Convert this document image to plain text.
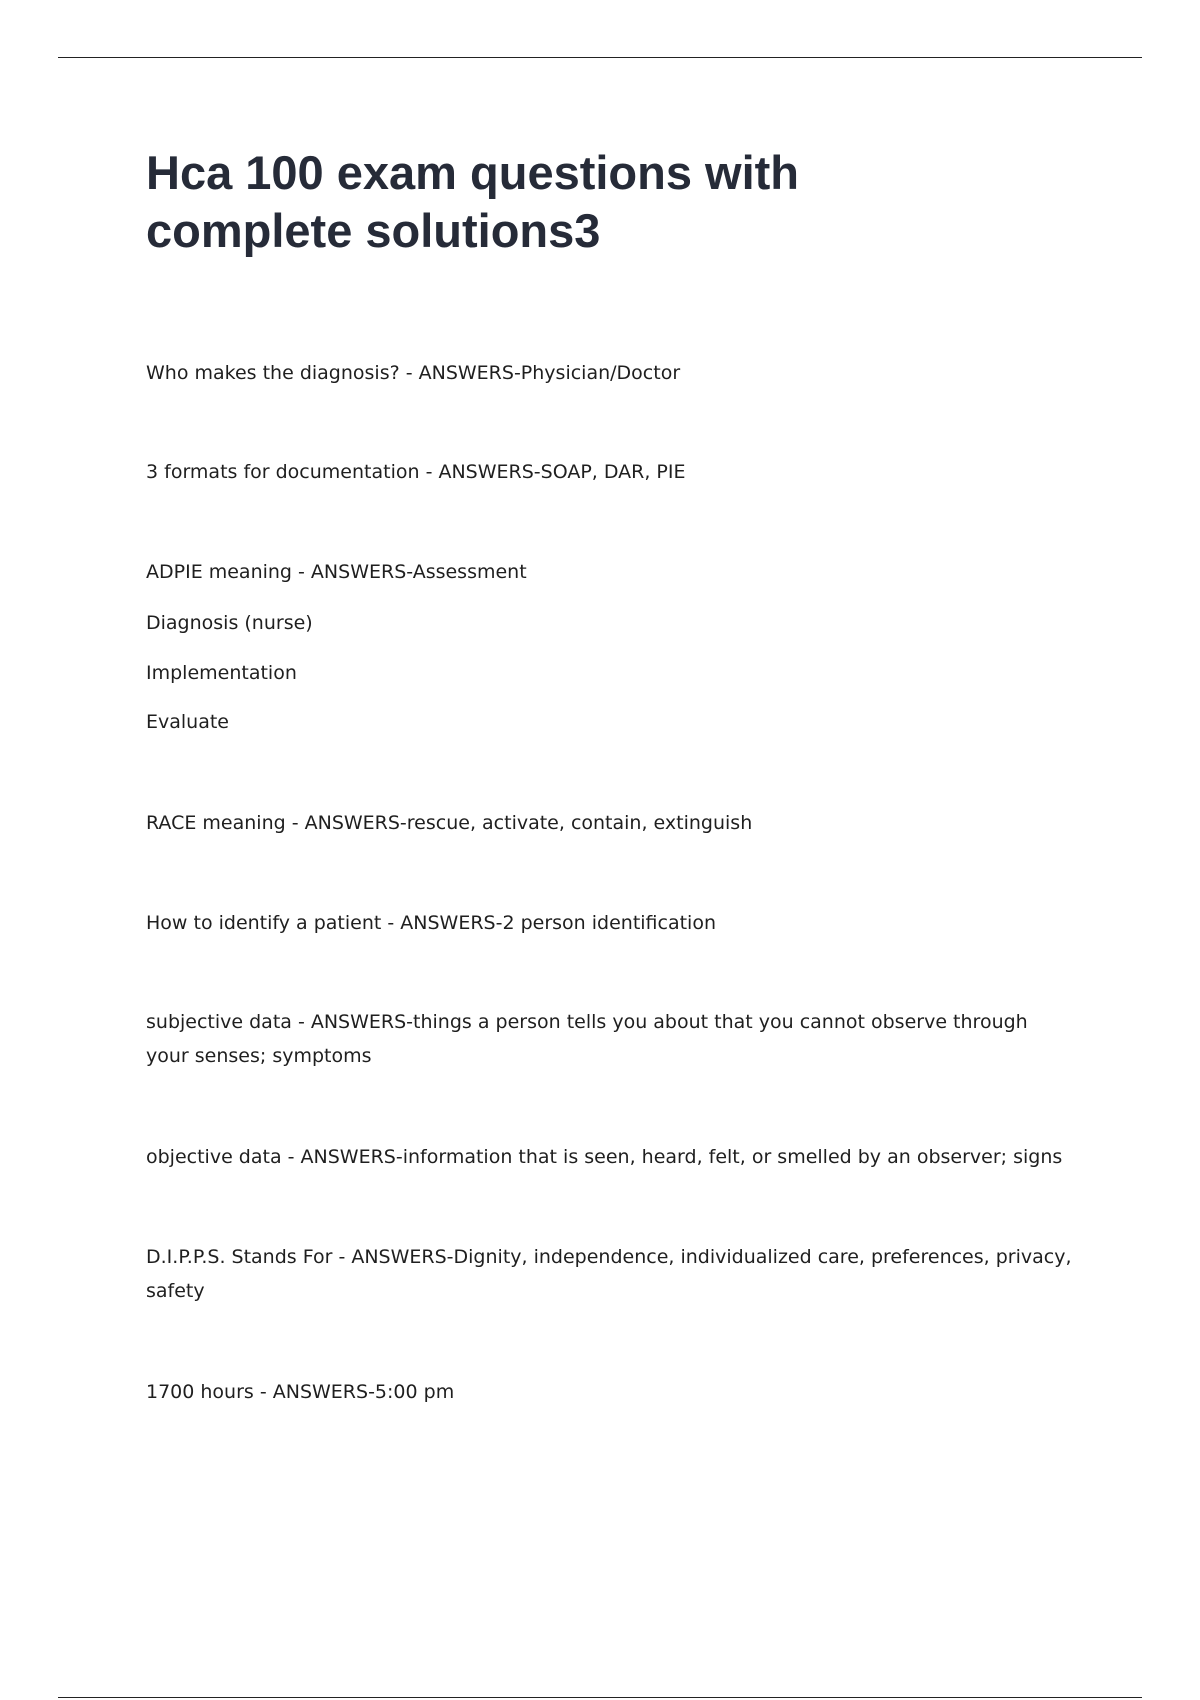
Hca 100 exam questions with
complete solutions3

Who makes the diagnosis? - ANSWERS-Physician/Doctor

3 formats for documentation - ANSWERS-SOAP, DAR, PIE

ADPIE meaning - ANSWERS-Assessment

Diagnosis (nurse)

Implementation

Evaluate

RACE meaning - ANSWERS-rescue, activate, contain, extinguish

How to identify a patient - ANSWERS-2 person identification

subjective data - ANSWERS-things a person tells you about that you cannot observe through
your senses; symptoms

objective data - ANSWERS-information that is seen, heard, felt, or smelled by an observer; signs

D.I.P.P.S. Stands For - ANSWERS-Dignity, independence, individualized care, preferences, privacy,
safety

1700 hours - ANSWERS-5:00 pm
